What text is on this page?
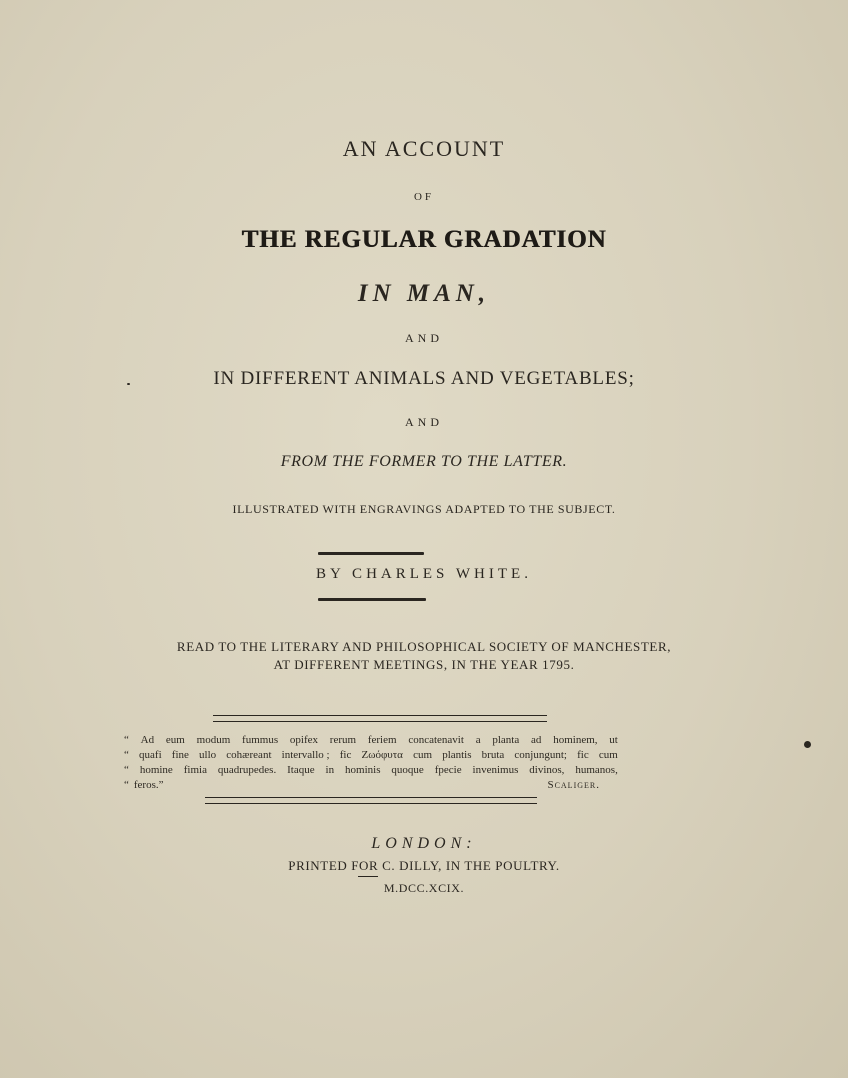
AN ACCOUNT
OF
THE REGULAR GRADATION
IN MAN,
AND
IN DIFFERENT ANIMALS AND VEGETABLES;
AND
FROM THE FORMER TO THE LATTER.
ILLUSTRATED WITH ENGRAVINGS ADAPTED TO THE SUBJECT.
BY CHARLES WHITE.
READ TO THE LITERARY AND PHILOSOPHICAL SOCIETY OF MANCHESTER,
AT DIFFERENT MEETINGS, IN THE YEAR 1795.
“ Ad eum modum fummus opifex rerum feriem concatenavit a planta ad hominem, ut
“ quafi fine ullo cohæreant intervallo ; fic Ζωόφυτα cum plantis bruta conjungunt; fic cum
“ homine fimia quadrupedes. Itaque in hominis quoque fpecie invenimus divinos, humanos,
“ feros.”	Scaliger.
LONDON:
PRINTED FOR C. DILLY, IN THE POULTRY.
M.DCC.XCIX.
